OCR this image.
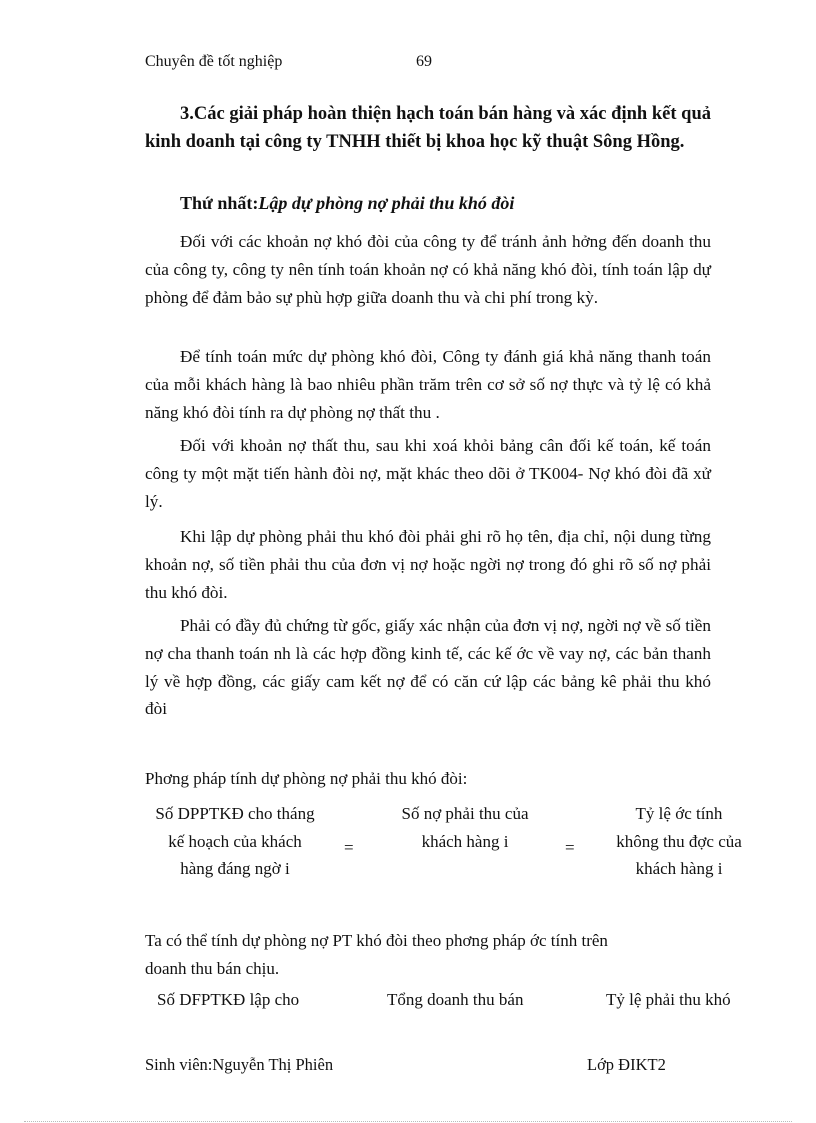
Chuyên đề tốt nghiệp	69
3.Các giải pháp hoàn thiện hạch toán bán hàng và xác định kết quả kinh doanh tại công ty TNHH thiết bị khoa học kỹ thuật Sông Hồng.
Thứ nhất:Lập dự phòng nợ phải thu khó đòi

Đối với các khoản nợ khó đòi của công ty để tránh ảnh hởng đến doanh thu của công ty, công ty nên tính toán khoản nợ có khả năng khó đòi, tính toán lập dự phòng để đảm bảo sự phù hợp giữa doanh thu và chi phí trong kỳ.

Để tính toán mức dự phòng khó đòi, Công ty đánh giá khả năng thanh toán của mỗi khách hàng là bao nhiêu phần trăm trên cơ sở số nợ thực và tỷ lệ có khả năng khó đòi tính ra dự phòng nợ thất thu .

Đối với khoản nợ thất thu, sau khi xoá khỏi bảng cân đối kế toán, kế toán công ty một mặt tiến hành đòi nợ, mặt khác theo dõi ở TK004- Nợ khó đòi đã xử lý.

Khi lập dự phòng phải thu khó đòi phải ghi rõ họ tên, địa chỉ, nội dung từng khoản nợ, số tiền phải thu của đơn vị nợ hoặc ngời nợ trong đó ghi rõ số nợ phải thu khó đòi.

Phải có đầy đủ chứng từ gốc, giấy xác nhận của đơn vị nợ, ngời nợ về số tiền nợ cha thanh toán nh là các hợp đồng kinh tế, các kế ớc về vay nợ, các bản thanh lý về hợp đồng, các giấy cam kết nợ để có căn cứ lập các bảng kê phải thu khó đòi

Phơng pháp tính dự phòng nợ phải thu khó đòi:

Số DPPTKĐ cho tháng
kế hoạch của khách
hàng đáng ngờ i
=
Số nợ phải thu của
khách hàng i	=
Tỷ lệ ớc tính
không thu đợc của
khách hàng i
Ta có thể tính dự phòng nợ PT khó đòi theo phơng pháp ớc tính trên
doanh thu bán chịu.
Số DFPTKĐ lập cho	Tổng doanh thu bán	Tỷ lệ phải thu khó
Sinh viên:Nguyễn Thị Phiên	Lớp ĐIKT2
